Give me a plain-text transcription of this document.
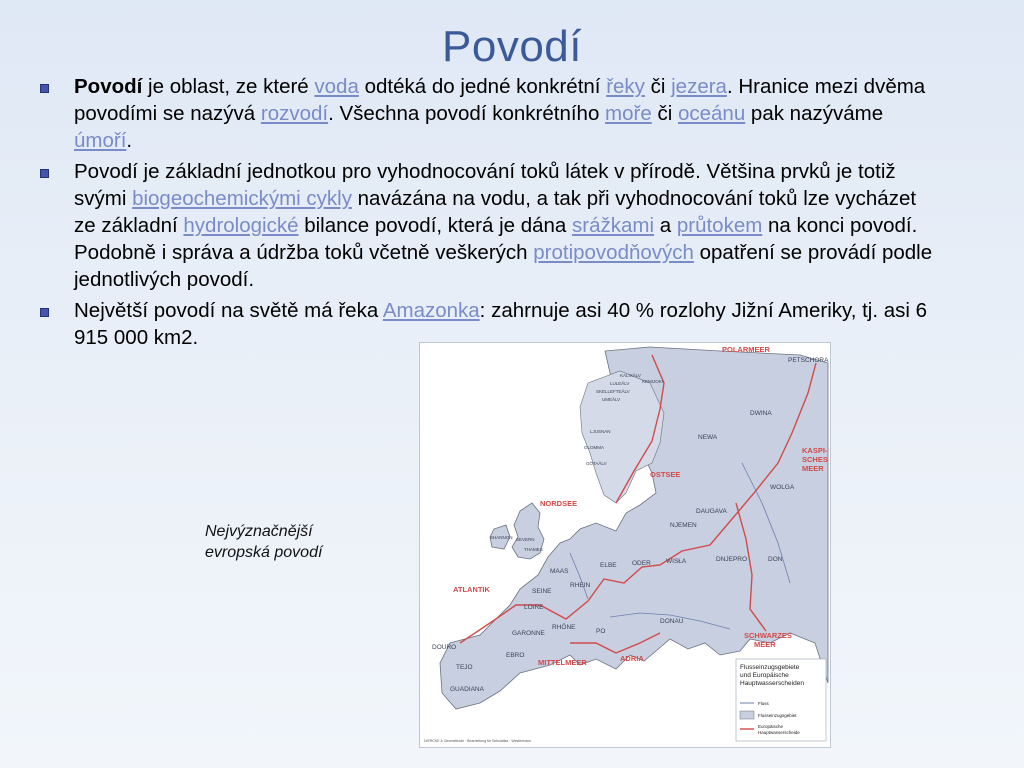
Povodí
Povodí je oblast, ze které voda odtéká do jedné konkrétní řeky či jezera. Hranice mezi dvěma povodími se nazývá rozvodí. Všechna povodí konkrétního moře či oceánu pak nazýváme úmoří.
Povodí je základní jednotkou pro vyhodnocování toků látek v přírodě. Většina prvků je totiž svými biogeochemickými cykly navázána na vodu, a tak při vyhodnocování toků lze vycházet ze základní hydrologické bilance povodí, která je dána srážkami a průtokem na konci povodí. Podobně i správa a údržba toků včetně veškerých protipovodňových opatření se provádí podle jednotlivých povodí.
Největší povodí na světě má řeka Amazonka: zahrnuje asi 40 % rozlohy Jižní Ameriky, tj. asi 6 915 000 km2.
Nejvýznačnější
evropská povodí
POLARMEER
NORDSEE
OSTSEE
KASPI-
SCHES
MEER
ATLANTIK
MITTELMEER	ADRIA
SCHWARZES
MEER
PETSCHORA
DWINA
NEWA
WOLGA
DAUGAVA
NJEMEN
DON
DNJEPRO
WISŁA
ODER
ELBE
MAAS
RHEIN
SEINE
LOIRE
GARONNE
RHÔNE
PO
DONAU
EBRO
DOURO
TEJO
GUADIANA
KALIXÄLV
LULEÄLV
SKELLEFTEÄLV
UMEÄLV
LJUSNAN
GLOMMA
GÖTAÄLV
KEMIJOKI
THAMES
SEVERN
SHANNON
Flusseinzugsgebiete
und Europäische
Hauptwasserscheiden
Fluss
Flusseinzugsgebiet
Europäische
Hauptwasserscheide
DIERCKE & Geomethode · Bearbeitung für Schulatlas · Westermann
